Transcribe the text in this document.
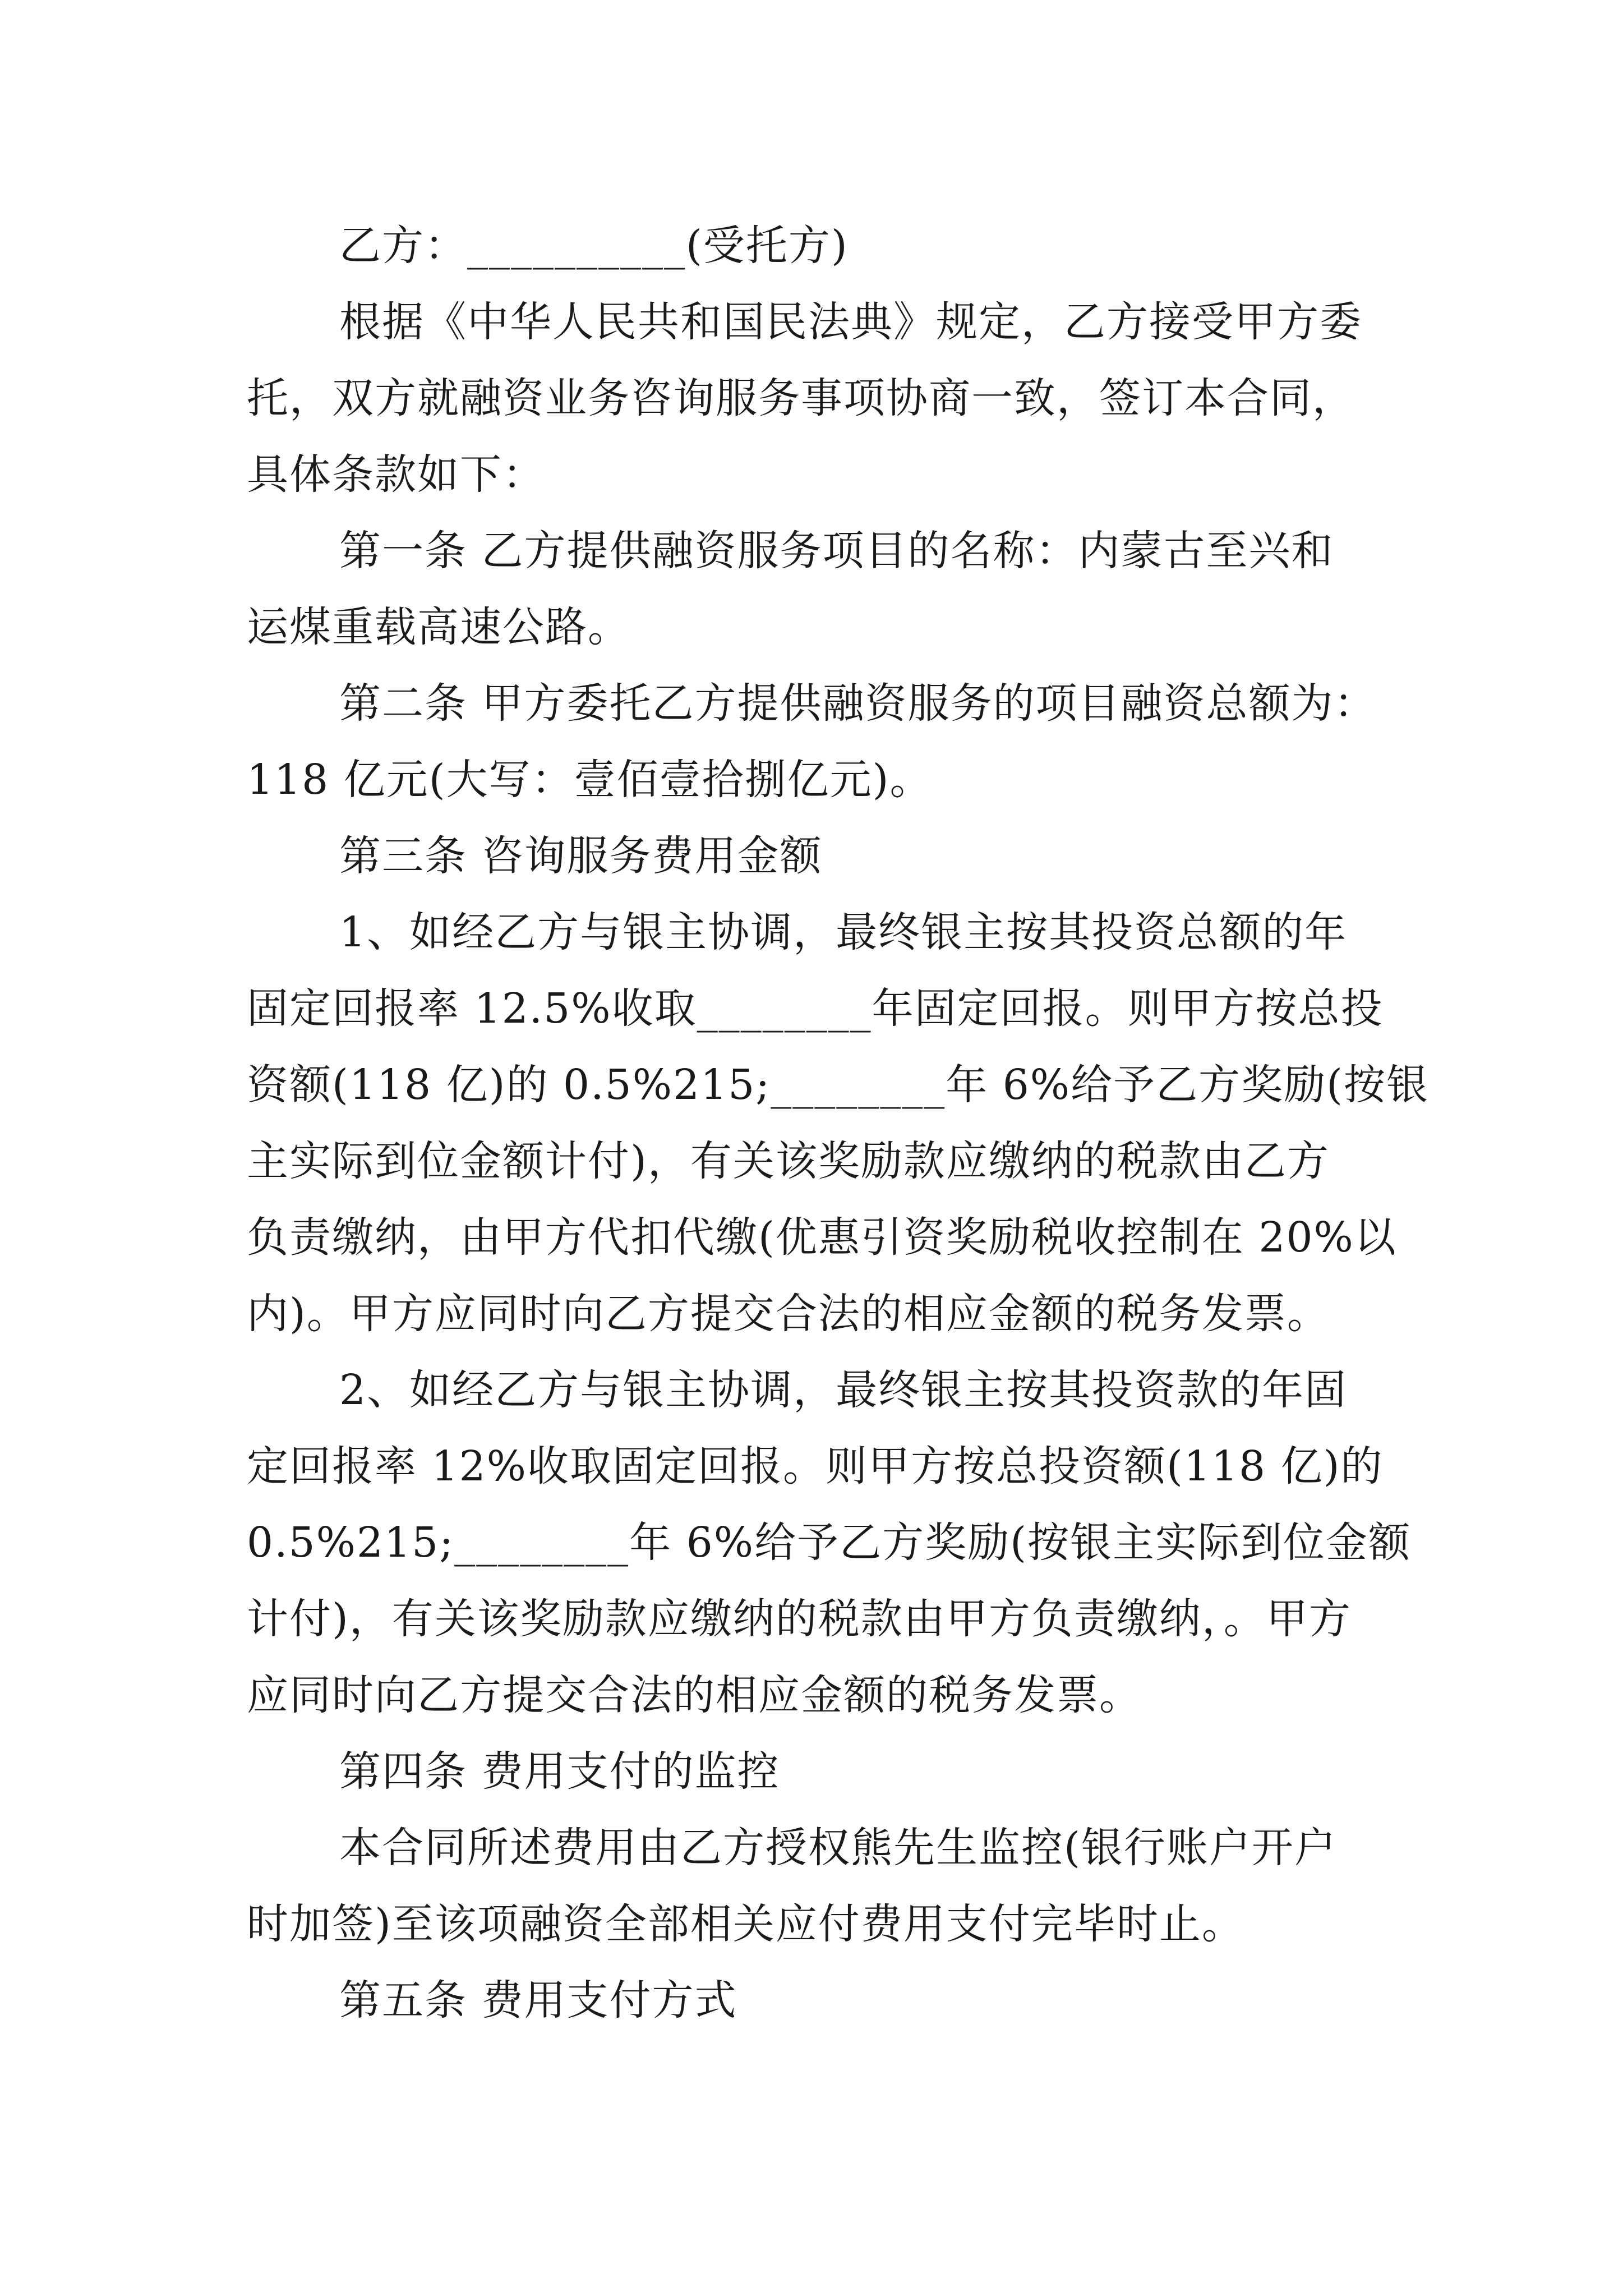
乙方：__________(受托方)
根据《中华人民共和国民法典》规定，乙方接受甲方委
托，双方就融资业务咨询服务事项协商一致，签订本合同，
具体条款如下：
第一条 乙方提供融资服务项目的名称：内蒙古至兴和
运煤重载高速公路。
第二条 甲方委托乙方提供融资服务的项目融资总额为：
118 亿元(大写：壹佰壹拾捌亿元)。
第三条 咨询服务费用金额
1、如经乙方与银主协调，最终银主按其投资总额的年
固定回报率 12.5%收取________年固定回报。则甲方按总投
资额(118 亿)的 0.5%215;________年 6%给予乙方奖励(按银
主实际到位金额计付)，有关该奖励款应缴纳的税款由乙方
负责缴纳，由甲方代扣代缴(优惠引资奖励税收控制在 20%以
内)。甲方应同时向乙方提交合法的相应金额的税务发票。
2、如经乙方与银主协调，最终银主按其投资款的年固
定回报率 12%收取固定回报。则甲方按总投资额(118 亿)的
0.5%215;________年 6%给予乙方奖励(按银主实际到位金额
计付)，有关该奖励款应缴纳的税款由甲方负责缴纳，。甲方
应同时向乙方提交合法的相应金额的税务发票。
第四条 费用支付的监控
本合同所述费用由乙方授权熊先生监控(银行账户开户
时加签)至该项融资全部相关应付费用支付完毕时止。
第五条 费用支付方式
